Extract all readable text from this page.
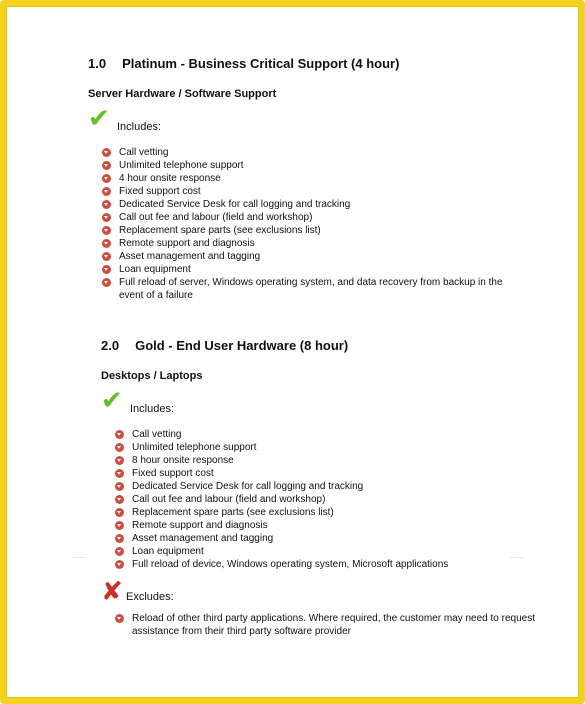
1.0 Platinum - Business Critical Support (4 hour)

Server Hardware / Software Support

✔ Includes:
Call vetting
Unlimited telephone support
4 hour onsite response
Fixed support cost
Dedicated Service Desk for call logging and tracking
Call out fee and labour (field and workshop)
Replacement spare parts (see exclusions list)
Remote support and diagnosis
Asset management and tagging
Loan equipment
Full reload of server, Windows operating system, and data recovery from backup in the event of a failure
2.0 Gold - End User Hardware (8 hour)

Desktops / Laptops

✔ Includes:
Call vetting
Unlimited telephone support
8 hour onsite response
Fixed support cost
Dedicated Service Desk for call logging and tracking
Call out fee and labour (field and workshop)
Replacement spare parts (see exclusions list)
Remote support and diagnosis
Asset management and tagging
Loan equipment
Full reload of device, Windows operating system, Microsoft applications
✘ Excludes:
Reload of other third party applications. Where required, the customer may need to request assistance from their third party software provider
